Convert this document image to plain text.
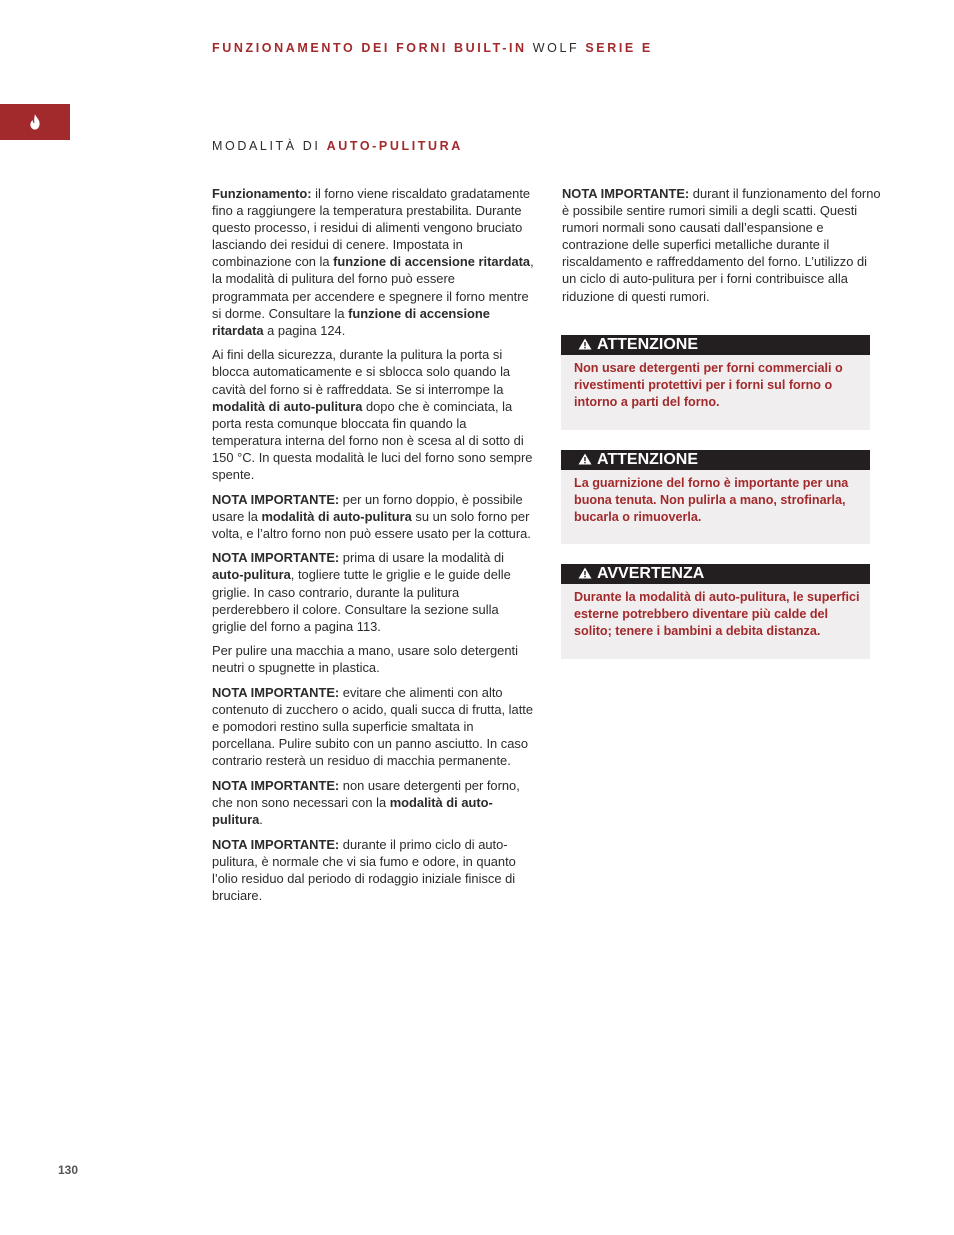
FUNZIONAMENTO DEI FORNI BUILT-IN WOLF SERIE E
MODALITÀ DI AUTO-PULITURA

Funzionamento: il forno viene riscaldato gradatamente fino a raggiungere la temperatura prestabilita. Durante questo processo, i residui di alimenti vengono bruciato lasciando dei residui di cenere. Impostata in combinazione con la funzione di accensione ritardata, la modalità di pulitura del forno può essere programmata per accendere e spegnere il forno mentre si dorme. Consultare la funzione di accensione ritardata a pagina 124.

Ai fini della sicurezza, durante la pulitura la porta si blocca automaticamente e si sblocca solo quando la cavità del forno si è raffreddata. Se si interrompe la modalità di auto-pulitura dopo che è cominciata, la porta resta comunque bloccata fin quando la temperatura interna del forno non è scesa al di sotto di 150 °C. In questa modalità le luci del forno sono sempre spente.

NOTA IMPORTANTE: per un forno doppio, è possibile usare la modalità di auto-pulitura su un solo forno per volta, e l’altro forno non può essere usato per la cottura.

NOTA IMPORTANTE: prima di usare la modalità di auto-pulitura, togliere tutte le griglie e le guide delle griglie. In caso contrario, durante la pulitura perderebbero il colore. Consultare la sezione sulla griglie del forno a pagina 113.

Per pulire una macchia a mano, usare solo detergenti neutri o spugnette in plastica.

NOTA IMPORTANTE: evitare che alimenti con alto contenuto di zucchero o acido, quali succa di frutta, latte e pomodori restino sulla superficie smaltata in porcellana. Pulire subito con un panno asciutto. In caso contrario resterà un residuo di macchia permanente.

NOTA IMPORTANTE: non usare detergenti per forno, che non sono necessari con la modalità di auto-pulitura.

NOTA IMPORTANTE: durante il primo ciclo di auto-pulitura, è normale che vi sia fumo e odore, in quanto l’olio residuo dal periodo di rodaggio iniziale finisce di bruciare.

NOTA IMPORTANTE: durant il funzionamento del forno è possibile sentire rumori simili a degli scatti. Questi rumori normali sono causati dall’espansione e contrazione delle superfici metalliche durante il riscaldamento e raffreddamento del forno. L’utilizzo di un ciclo di auto-pulitura per i forni contribuisce alla riduzione di questi rumori.

ATTENZIONE
Non usare detergenti per forni commerciali o rivestimenti protettivi per i forni sul forno o intorno a parti del forno.
ATTENZIONE
La guarnizione del forno è importante per una buona tenuta. Non pulirla a mano, strofinarla, bucarla o rimuoverla.
AVVERTENZA
Durante la modalità di auto-pulitura, le superfici esterne potrebbero diventare più calde del solito; tenere i bambini a debita distanza.
130
